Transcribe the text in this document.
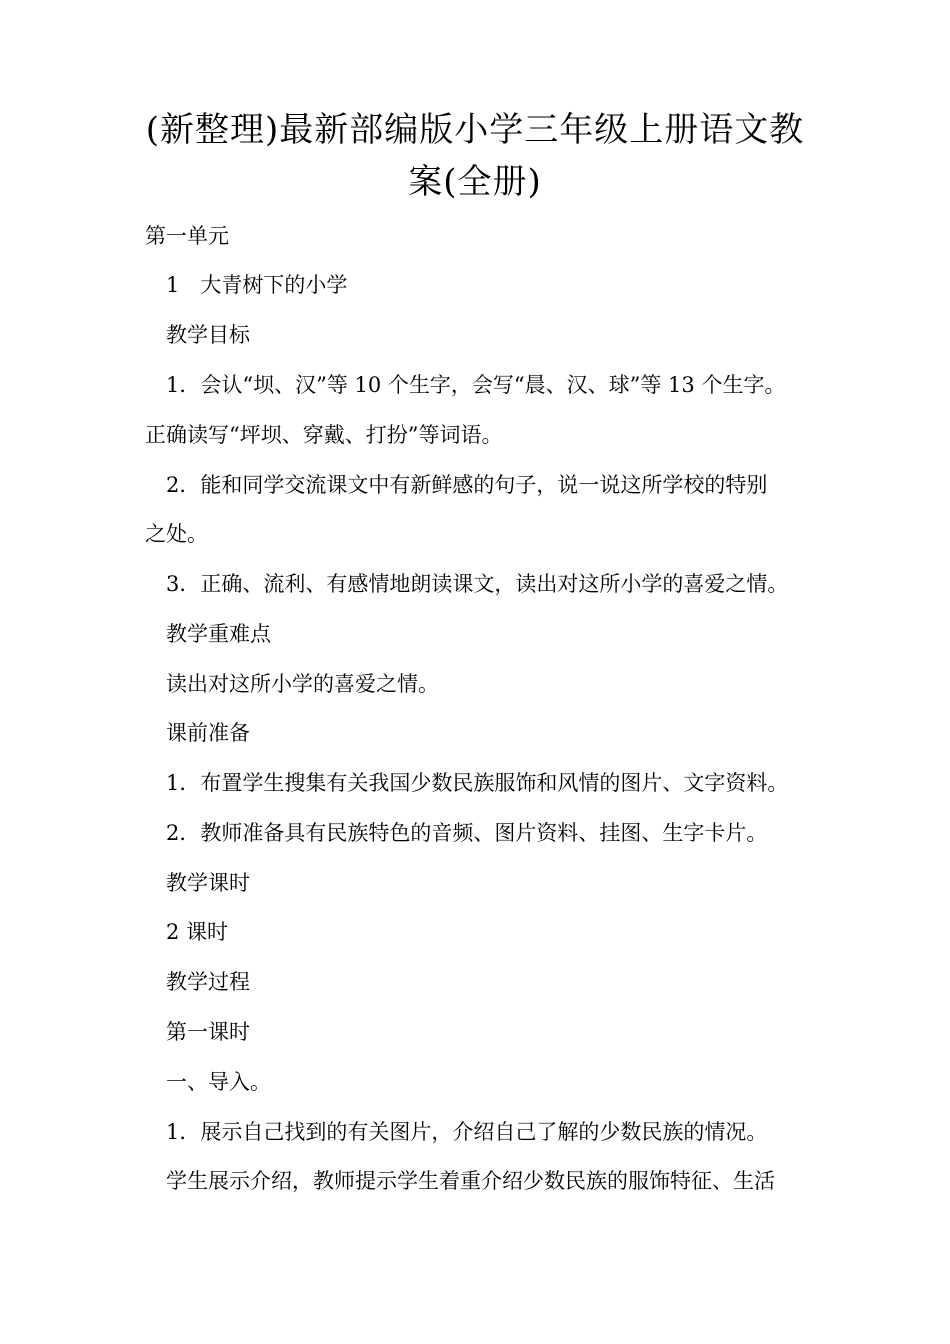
(新整理)最新部编版小学三年级上册语文教
案(全册)
第一单元
1　大青树下的小学
教学目标
1．会认“坝、汉”等 10 个生字，会写“晨、汉、球”等 13 个生字。
正确读写“坪坝、穿戴、打扮”等词语。
2．能和同学交流课文中有新鲜感的句子，说一说这所学校的特别
之处。
3．正确、流利、有感情地朗读课文，读出对这所小学的喜爱之情。
教学重难点
读出对这所小学的喜爱之情。
课前准备
1．布置学生搜集有关我国少数民族服饰和风情的图片、文字资料。
2．教师准备具有民族特色的音频、图片资料、挂图、生字卡片。
教学课时
2 课时
教学过程
第一课时
一、导入。
1．展示自己找到的有关图片，介绍自己了解的少数民族的情况。
学生展示介绍，教师提示学生着重介绍少数民族的服饰特征、生活
